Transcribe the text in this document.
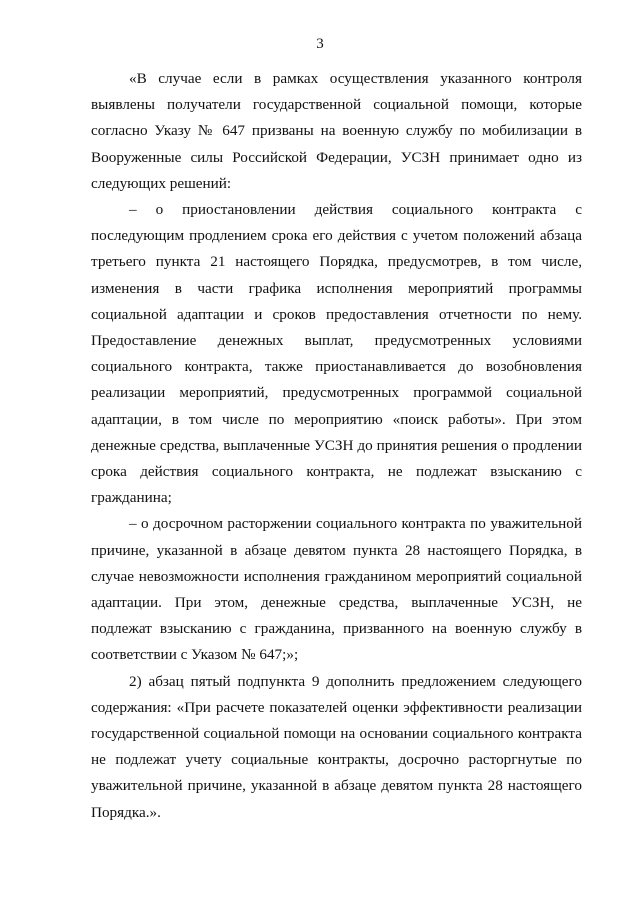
3

«В случае если в рамках осуществления указанного контроля выявлены получатели государственной социальной помощи, которые согласно Указу № 647 призваны на военную службу по мобилизации в Вооруженные силы Российской Федерации, УСЗН принимает одно из следующих решений:

– о приостановлении действия социального контракта с последующим продлением срока его действия с учетом положений абзаца третьего пункта 21 настоящего Порядка, предусмотрев, в том числе, изменения в части графика исполнения мероприятий программы социальной адаптации и сроков предоставления отчетности по нему. Предоставление денежных выплат, предусмотренных условиями социального контракта, также приостанавливается до возобновления реализации мероприятий, предусмотренных программой социальной адаптации, в том числе по мероприятию «поиск работы». При этом денежные средства, выплаченные УСЗН до принятия решения о продлении срока действия социального контракта, не подлежат взысканию с гражданина;

– о досрочном расторжении социального контракта по уважительной причине, указанной в абзаце девятом пункта 28 настоящего Порядка, в случае невозможности исполнения гражданином мероприятий социальной адаптации. При этом, денежные средства, выплаченные УСЗН, не подлежат взысканию с гражданина, призванного на военную службу в соответствии с Указом № 647;»;

2) абзац пятый подпункта 9 дополнить предложением следующего содержания: «При расчете показателей оценки эффективности реализации государственной социальной помощи на основании социального контракта не подлежат учету социальные контракты, досрочно расторгнутые по уважительной причине, указанной в абзаце девятом пункта 28 настоящего Порядка.».
